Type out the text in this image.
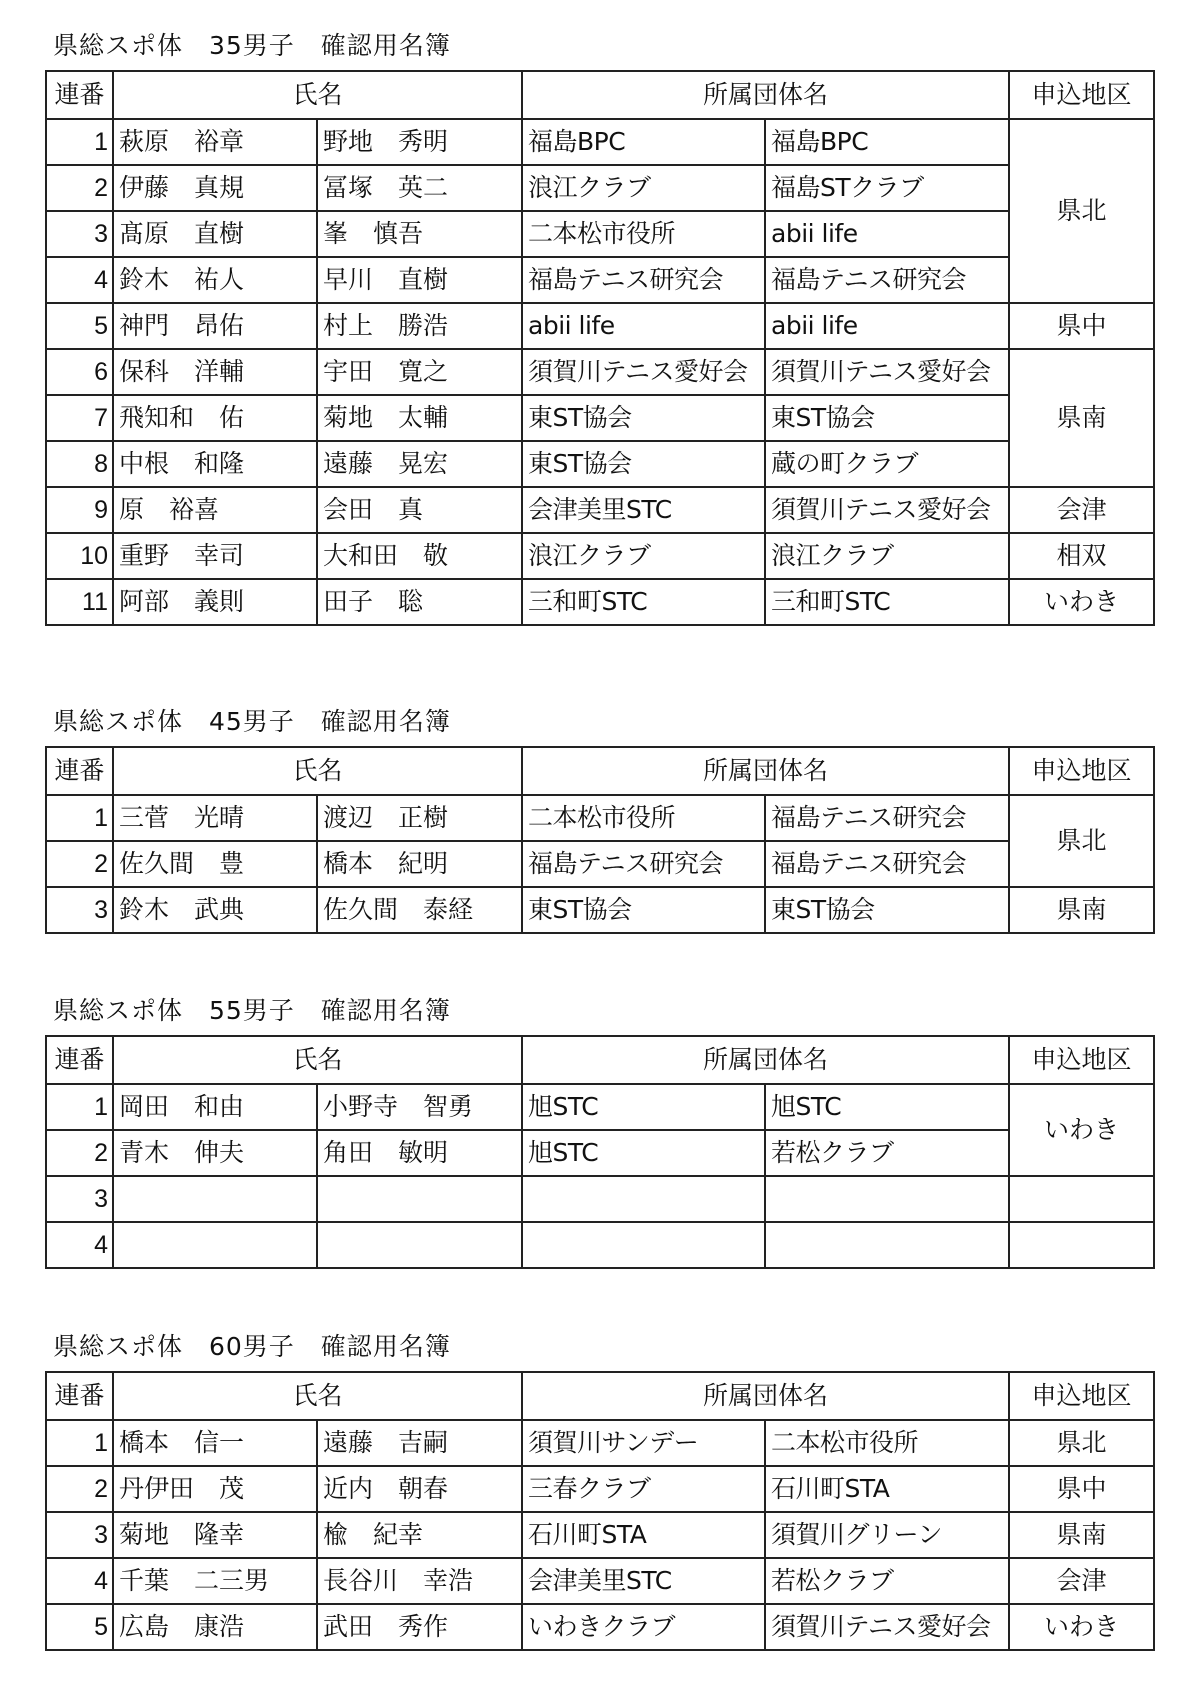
県総スポ体　35男子　確認用名簿
連番	氏名		所属団体名		申込地区
1	萩原　裕章	野地　秀明	福島BPC	福島BPC	県北
2	伊藤　真規	冨塚　英二	浪江クラブ	福島STクラブ	
3	髙原　直樹	峯　慎吾	二本松市役所	abii life	
4	鈴木　祐人	早川　直樹	福島テニス研究会	福島テニス研究会	
5	神門　昂佑	村上　勝浩	abii life	abii life	県中
6	保科　洋輔	宇田　寛之	須賀川テニス愛好会	須賀川テニス愛好会	県南
7	飛知和　佑	菊地　太輔	東ST協会	東ST協会	
8	中根　和隆	遠藤　晃宏	東ST協会	蔵の町クラブ	
9	原　裕喜	会田　真	会津美里STC	須賀川テニス愛好会	会津
10	重野　幸司	大和田　敬	浪江クラブ	浪江クラブ	相双
11	阿部　義則	田子　聡	三和町STC	三和町STC	いわき
県総スポ体　45男子　確認用名簿
連番	氏名		所属団体名		申込地区
1	三菅　光晴	渡辺　正樹	二本松市役所	福島テニス研究会	県北
2	佐久間　豊	橋本　紀明	福島テニス研究会	福島テニス研究会	
3	鈴木　武典	佐久間　泰経	東ST協会	東ST協会	県南
県総スポ体　55男子　確認用名簿
連番	氏名		所属団体名		申込地区
1	岡田　和由	小野寺　智勇	旭STC	旭STC	いわき
2	青木　伸夫	角田　敏明	旭STC	若松クラブ	
3					
4					
県総スポ体　60男子　確認用名簿
連番	氏名		所属団体名		申込地区
1	橋本　信一	遠藤　吉嗣	須賀川サンデー	二本松市役所	県北
2	丹伊田　茂	近内　朝春	三春クラブ	石川町STA	県中
3	菊地　隆幸	楡　紀幸	石川町STA	須賀川グリーン	県南
4	千葉　二三男	長谷川　幸浩	会津美里STC	若松クラブ	会津
5	広島　康浩	武田　秀作	いわきクラブ	須賀川テニス愛好会	いわき
